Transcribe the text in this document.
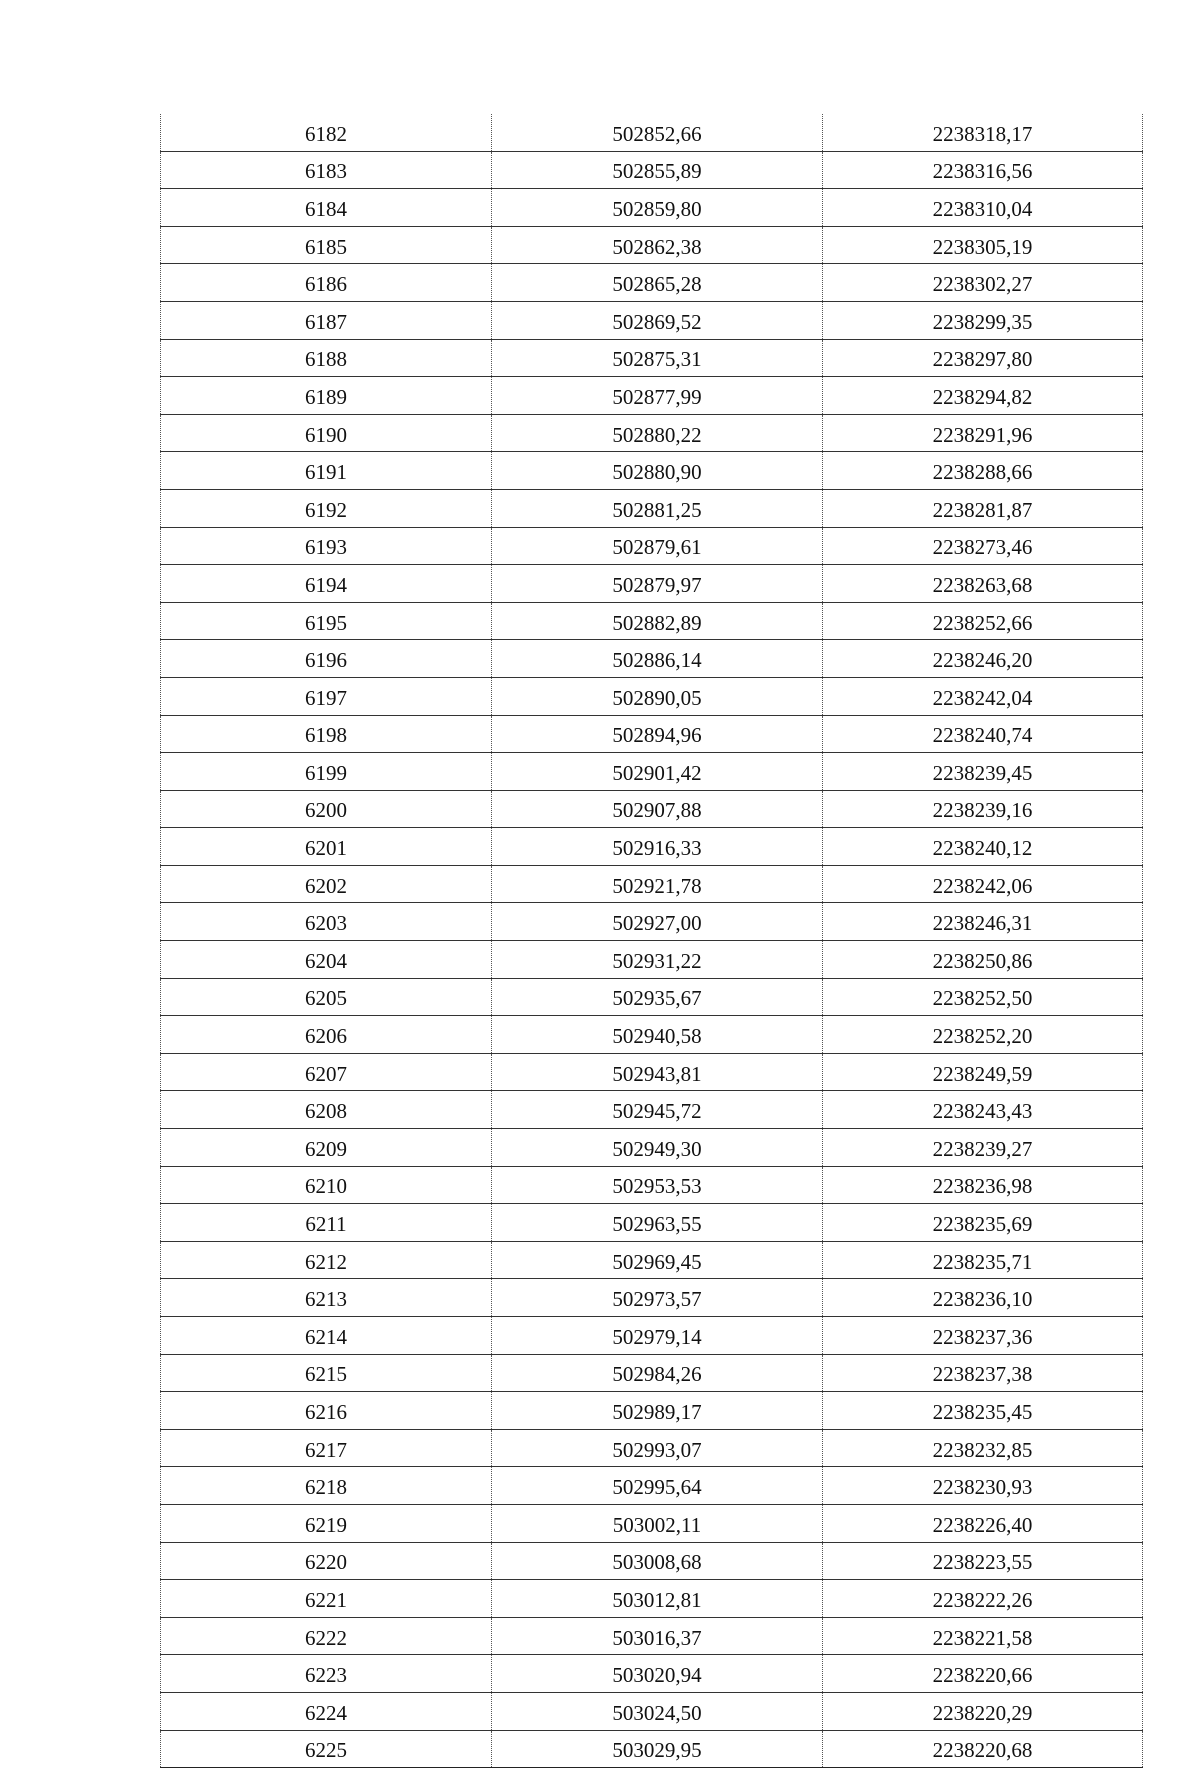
6182	502852,66	2238318,17
6183	502855,89	2238316,56
6184	502859,80	2238310,04
6185	502862,38	2238305,19
6186	502865,28	2238302,27
6187	502869,52	2238299,35
6188	502875,31	2238297,80
6189	502877,99	2238294,82
6190	502880,22	2238291,96
6191	502880,90	2238288,66
6192	502881,25	2238281,87
6193	502879,61	2238273,46
6194	502879,97	2238263,68
6195	502882,89	2238252,66
6196	502886,14	2238246,20
6197	502890,05	2238242,04
6198	502894,96	2238240,74
6199	502901,42	2238239,45
6200	502907,88	2238239,16
6201	502916,33	2238240,12
6202	502921,78	2238242,06
6203	502927,00	2238246,31
6204	502931,22	2238250,86
6205	502935,67	2238252,50
6206	502940,58	2238252,20
6207	502943,81	2238249,59
6208	502945,72	2238243,43
6209	502949,30	2238239,27
6210	502953,53	2238236,98
6211	502963,55	2238235,69
6212	502969,45	2238235,71
6213	502973,57	2238236,10
6214	502979,14	2238237,36
6215	502984,26	2238237,38
6216	502989,17	2238235,45
6217	502993,07	2238232,85
6218	502995,64	2238230,93
6219	503002,11	2238226,40
6220	503008,68	2238223,55
6221	503012,81	2238222,26
6222	503016,37	2238221,58
6223	503020,94	2238220,66
6224	503024,50	2238220,29
6225	503029,95	2238220,68
